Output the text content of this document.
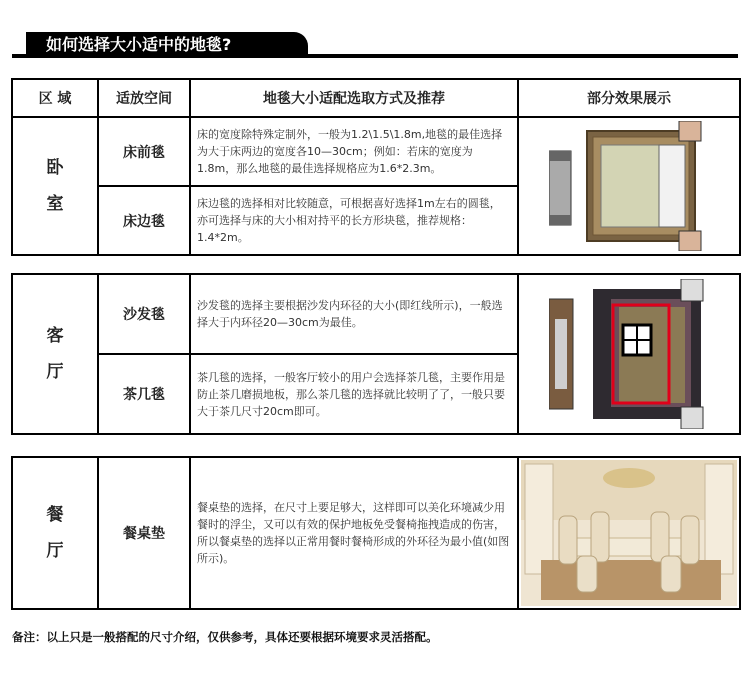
如何选择大小适中的地毯?
区 域	适放空间	地毯大小适配选取方式及推荐	部分效果展示

卧
室	床前毯	床的宽度除特殊定制外，一般为1.2\1.5\1.8m,地毯的最佳选择为大于床两边的宽度各10—30cm；例如：若床的宽度为1.8m，那么地毯的最佳选择规格应为1.6*2.3m。	

	床边毯	床边毯的选择相对比较随意，可根据喜好选择1m左右的圆毯，亦可选择与床的大小相对持平的长方形块毯，推荐规格：1.4*2m。	
客
厅	沙发毯	沙发毯的选择主要根据沙发内环径的大小(即红线所示)，一般选择大于内环径20—30cm为最佳。	

	茶几毯	茶几毯的选择，一般客厅较小的用户会选择茶几毯，主要作用是防止茶几磨损地板，那么茶几毯的选择就比较明了了，一般只要大于茶几尺寸20cm即可。	
餐
厅
	餐桌垫	餐桌垫的选择，在尺寸上要足够大，这样即可以美化环境减少用餐时的浮尘，又可以有效的保护地板免受餐椅拖拽造成的伤害，所以餐桌垫的选择以正常用餐时餐椅形成的外环径为最小值(如图所示)。	
备注：以上只是一般搭配的尺寸介绍，仅供参考，具体还要根据环境要求灵活搭配。
